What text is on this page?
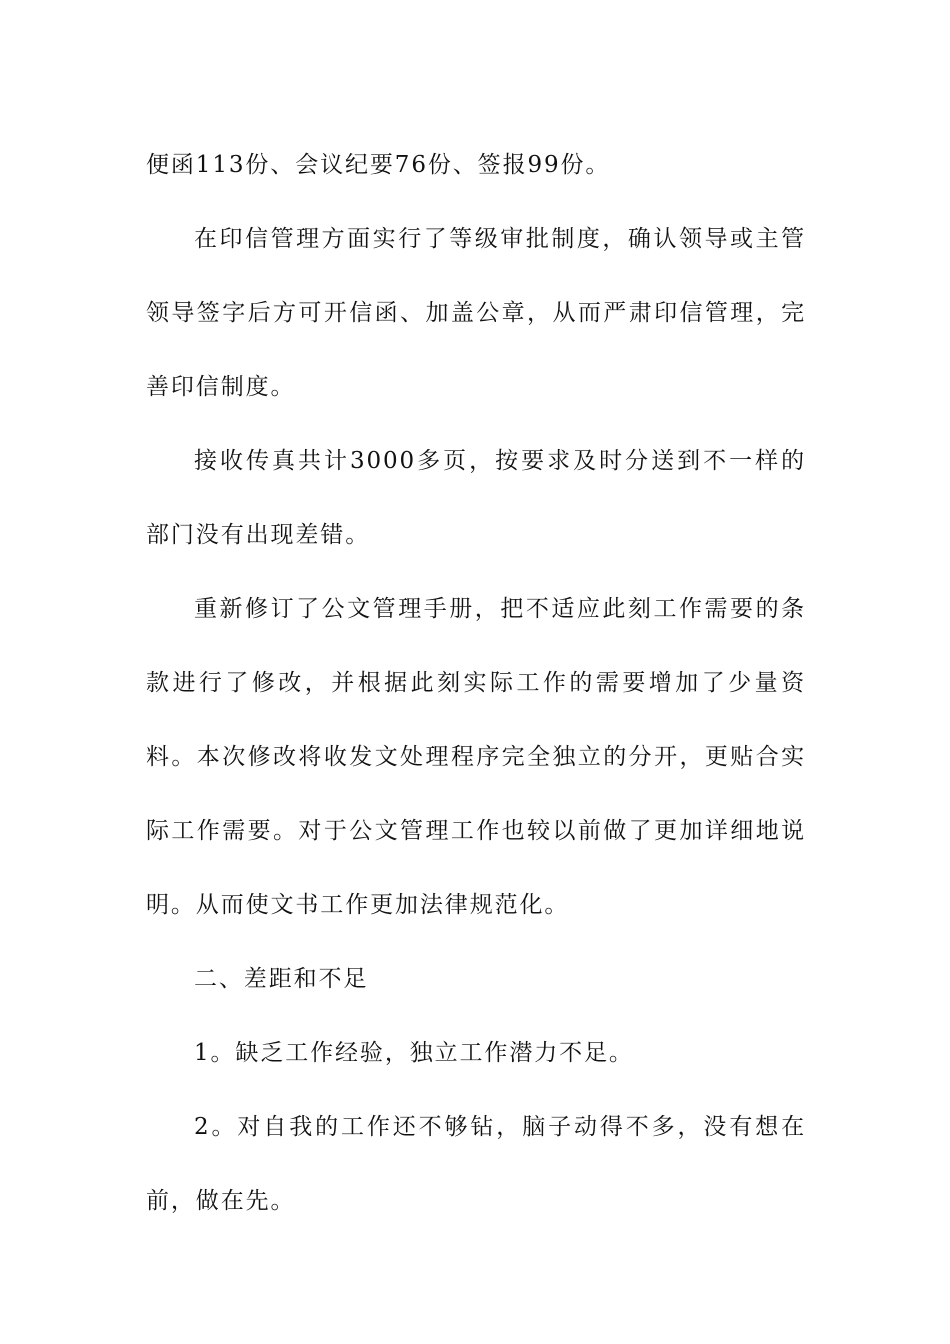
便函113份、会议纪要76份、签报99份。

在印信管理方面实行了等级审批制度，确认领导或主管领导签字后方可开信函、加盖公章，从而严肃印信管理，完善印信制度。

接收传真共计3000多页，按要求及时分送到不一样的部门没有出现差错。

重新修订了公文管理手册，把不适应此刻工作需要的条款进行了修改，并根据此刻实际工作的需要增加了少量资料。本次修改将收发文处理程序完全独立的分开，更贴合实际工作需要。对于公文管理工作也较以前做了更加详细地说明。从而使文书工作更加法律规范化。

二、差距和不足

1。缺乏工作经验，独立工作潜力不足。

2。对自我的工作还不够钻，脑子动得不多，没有想在前，做在先。
